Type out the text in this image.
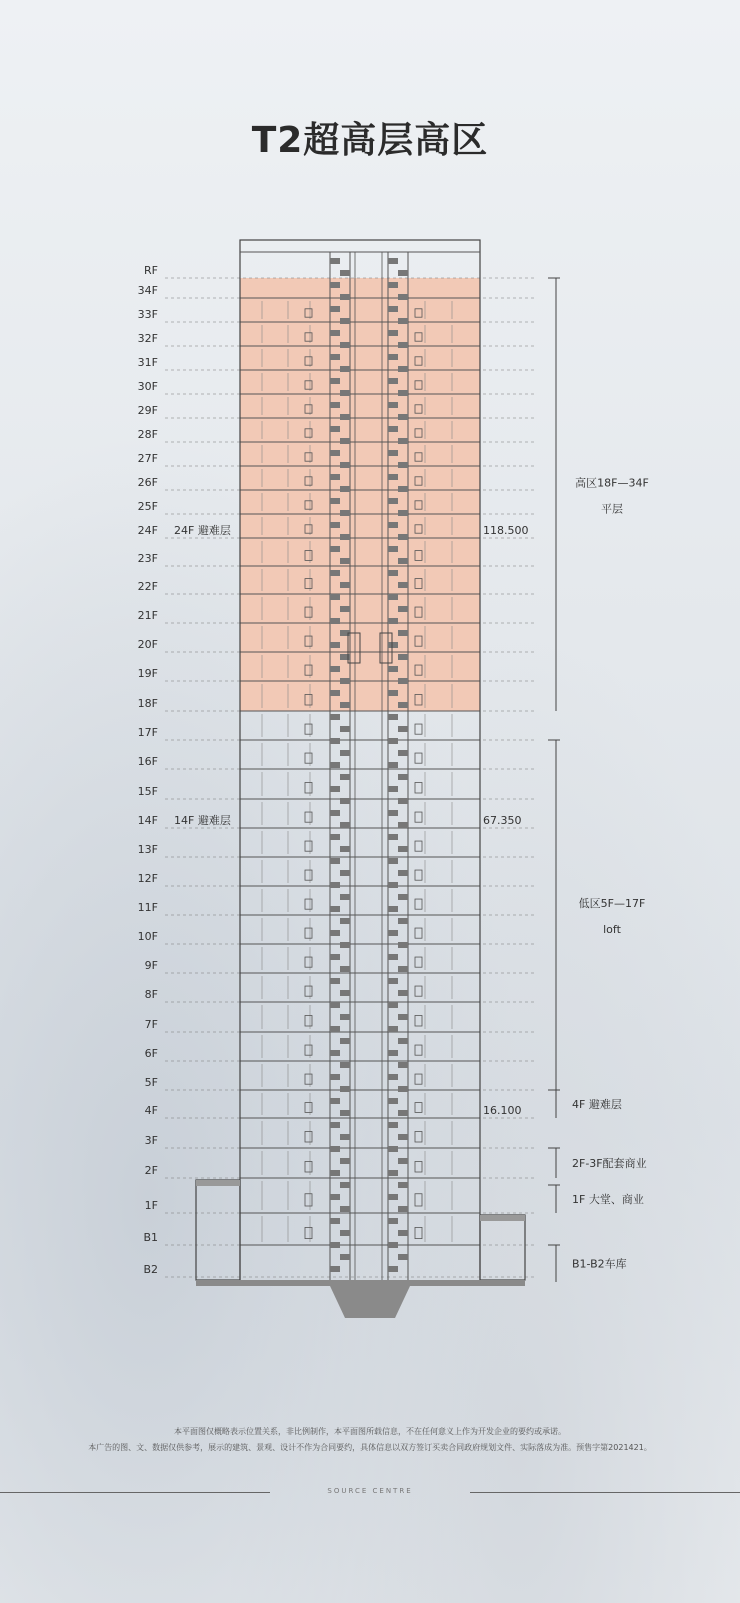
T2超高层高区
RF
34F
33F
32F
31F
30F
29F
28F
27F
26F
25F
24F
23F
22F
21F
20F
19F
18F
17F
16F
15F
14F
13F
12F
11F
10F
9F
8F
7F
6F
5F
4F
3F
2F
1F
B1
B2
24F 避难层
14F 避难层
118.500
67.350
16.100
高区18F—34F
平层
低区5F—17F
loft
4F 避难层
2F-3F配套商业
1F 大堂、商业
B1-B2车库
本平面图仅概略表示位置关系，非比例制作，本平面图所载信息，不在任何意义上作为开发企业的要约或承诺。
本广告的图、文、数据仅供参考，展示的建筑、景观、设计不作为合同要约，具体信息以双方签订买卖合同政府规划文件、实际落成为准。预售字第2021421。
SOURCE CENTRE
